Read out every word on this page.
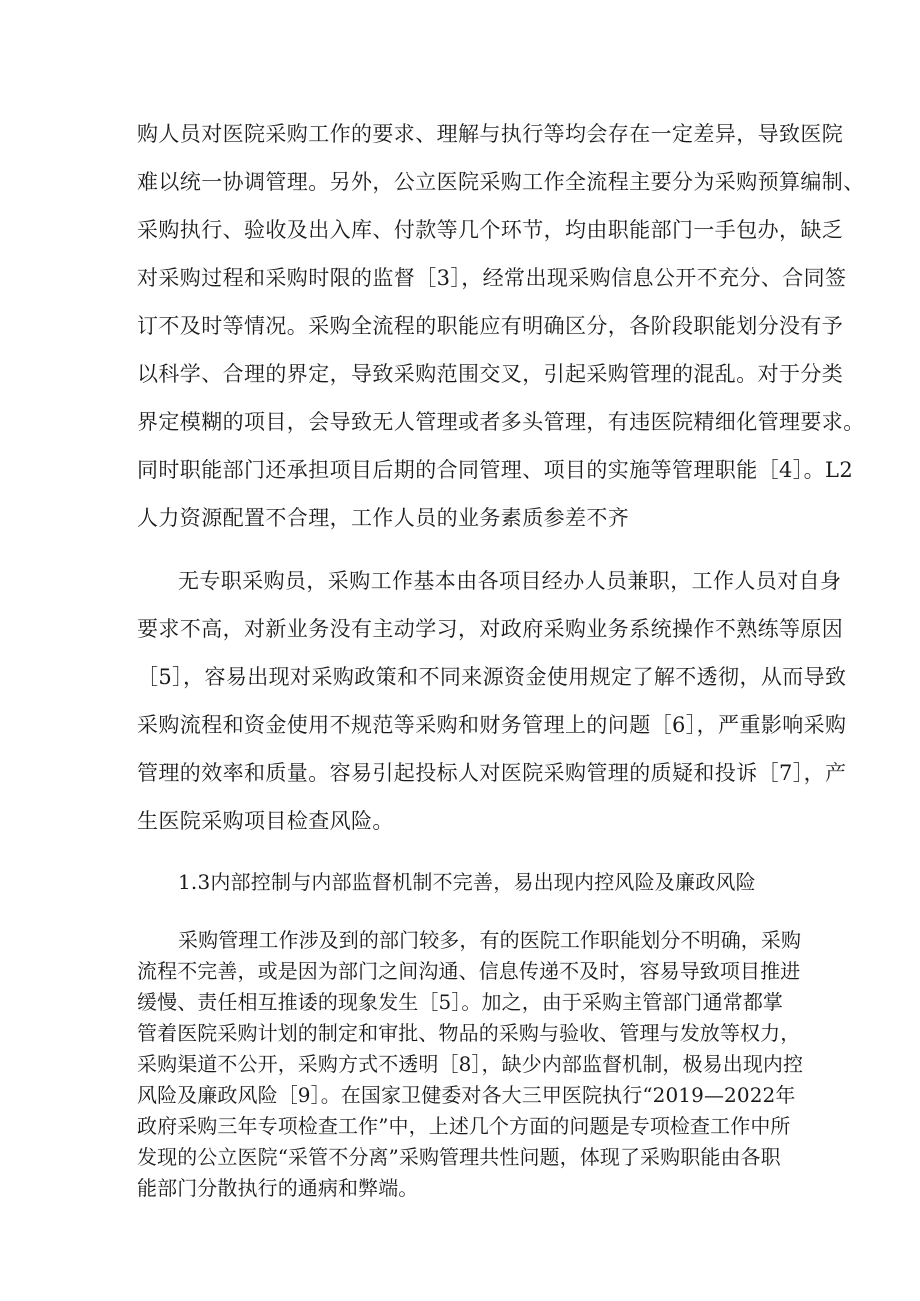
购人员对医院采购工作的要求、理解与执行等均会存在一定差异，导致医院

难以统一协调管理。另外，公立医院采购工作全流程主要分为采购预算编制、

采购执行、验收及出入库、付款等几个环节，均由职能部门一手包办，缺乏

对采购过程和采购时限的监督［3］，经常出现采购信息公开不充分、合同签

订不及时等情况。采购全流程的职能应有明确区分，各阶段职能划分没有予

以科学、合理的界定，导致采购范围交叉，引起采购管理的混乱。对于分类

界定模糊的项目，会导致无人管理或者多头管理，有违医院精细化管理要求。

同时职能部门还承担项目后期的合同管理、项目的实施等管理职能［4］。L2

人力资源配置不合理，工作人员的业务素质参差不齐

无专职采购员，采购工作基本由各项目经办人员兼职，工作人员对自身

要求不高，对新业务没有主动学习，对政府采购业务系统操作不熟练等原因

［5］，容易出现对采购政策和不同来源资金使用规定了解不透彻，从而导致

采购流程和资金使用不规范等采购和财务管理上的问题［6］，严重影响采购

管理的效率和质量。容易引起投标人对医院采购管理的质疑和投诉［7］，产

生医院采购项目检查风险。

1.3内部控制与内部监督机制不完善，易出现内控风险及廉政风险

采购管理工作涉及到的部门较多，有的医院工作职能划分不明确，采购

流程不完善，或是因为部门之间沟通、信息传递不及时，容易导致项目推进

缓慢、责任相互推诿的现象发生［5］。加之，由于采购主管部门通常都掌

管着医院采购计划的制定和审批、物品的采购与验收、管理与发放等权力，

采购渠道不公开，采购方式不透明［8］，缺少内部监督机制，极易出现内控

风险及廉政风险［9］。在国家卫健委对各大三甲医院执行“2019—2022年

政府采购三年专项检查工作”中，上述几个方面的问题是专项检查工作中所

发现的公立医院“采管不分离”采购管理共性问题，体现了采购职能由各职

能部门分散执行的通病和弊端。
